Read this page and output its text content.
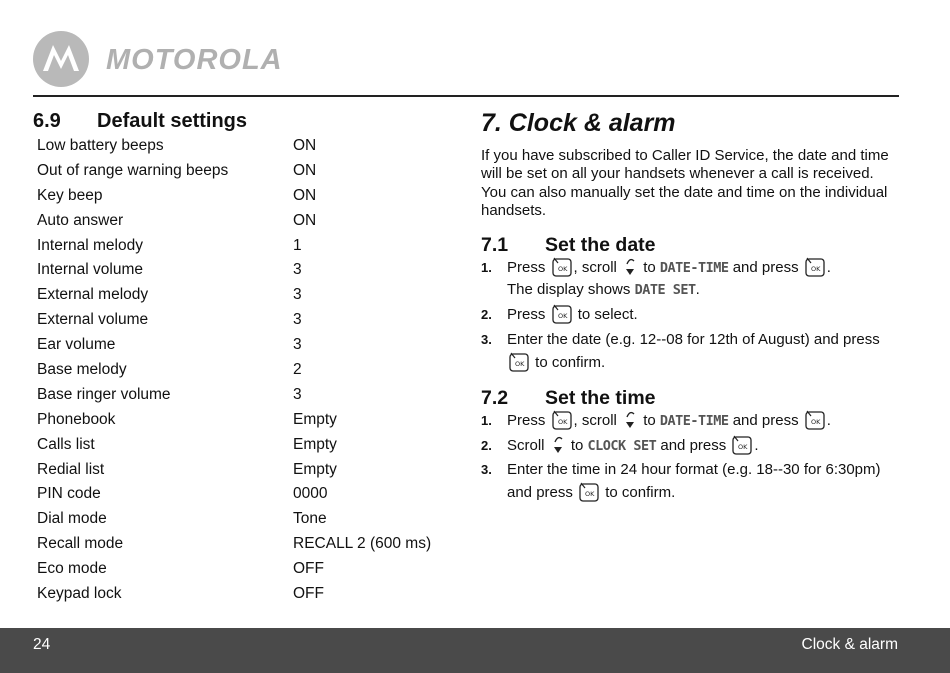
MOTOROLA
6.9 Default settings
Low battery beeps	ON
Out of range warning beeps	ON
Key beep	ON
Auto answer	ON
Internal melody	1
Internal volume	3
External melody	3
External volume	3
Ear volume	3
Base melody	2
Base ringer volume	3
Phonebook	Empty
Calls list	Empty
Redial list	Empty
PIN code	0000
Dial mode	Tone
Recall mode	RECALL 2 (600 ms)
Eco mode	OFF
Keypad lock	OFF
7. Clock & alarm

If you have subscribed to Caller ID Service, the date and time will be set on all your handsets whenever a call is received. You can also manually set the date and time on the individual handsets.

7.1 Set the date
1. Press OK , scroll to DATE-TIME and press OK .
The display shows DATE SET.
2. Press OK to select.
3. Enter the date (e.g. 12--08 for 12th of August) and press

OK to confirm.
7.2 Set the time
1. Press OK , scroll to DATE-TIME and press OK .
2. Scroll to CLOCK SET and press OK .
3. Enter the time in 24 hour format (e.g. 18--30 for 6:30pm) and press OK to confirm.
24	Clock & alarm
